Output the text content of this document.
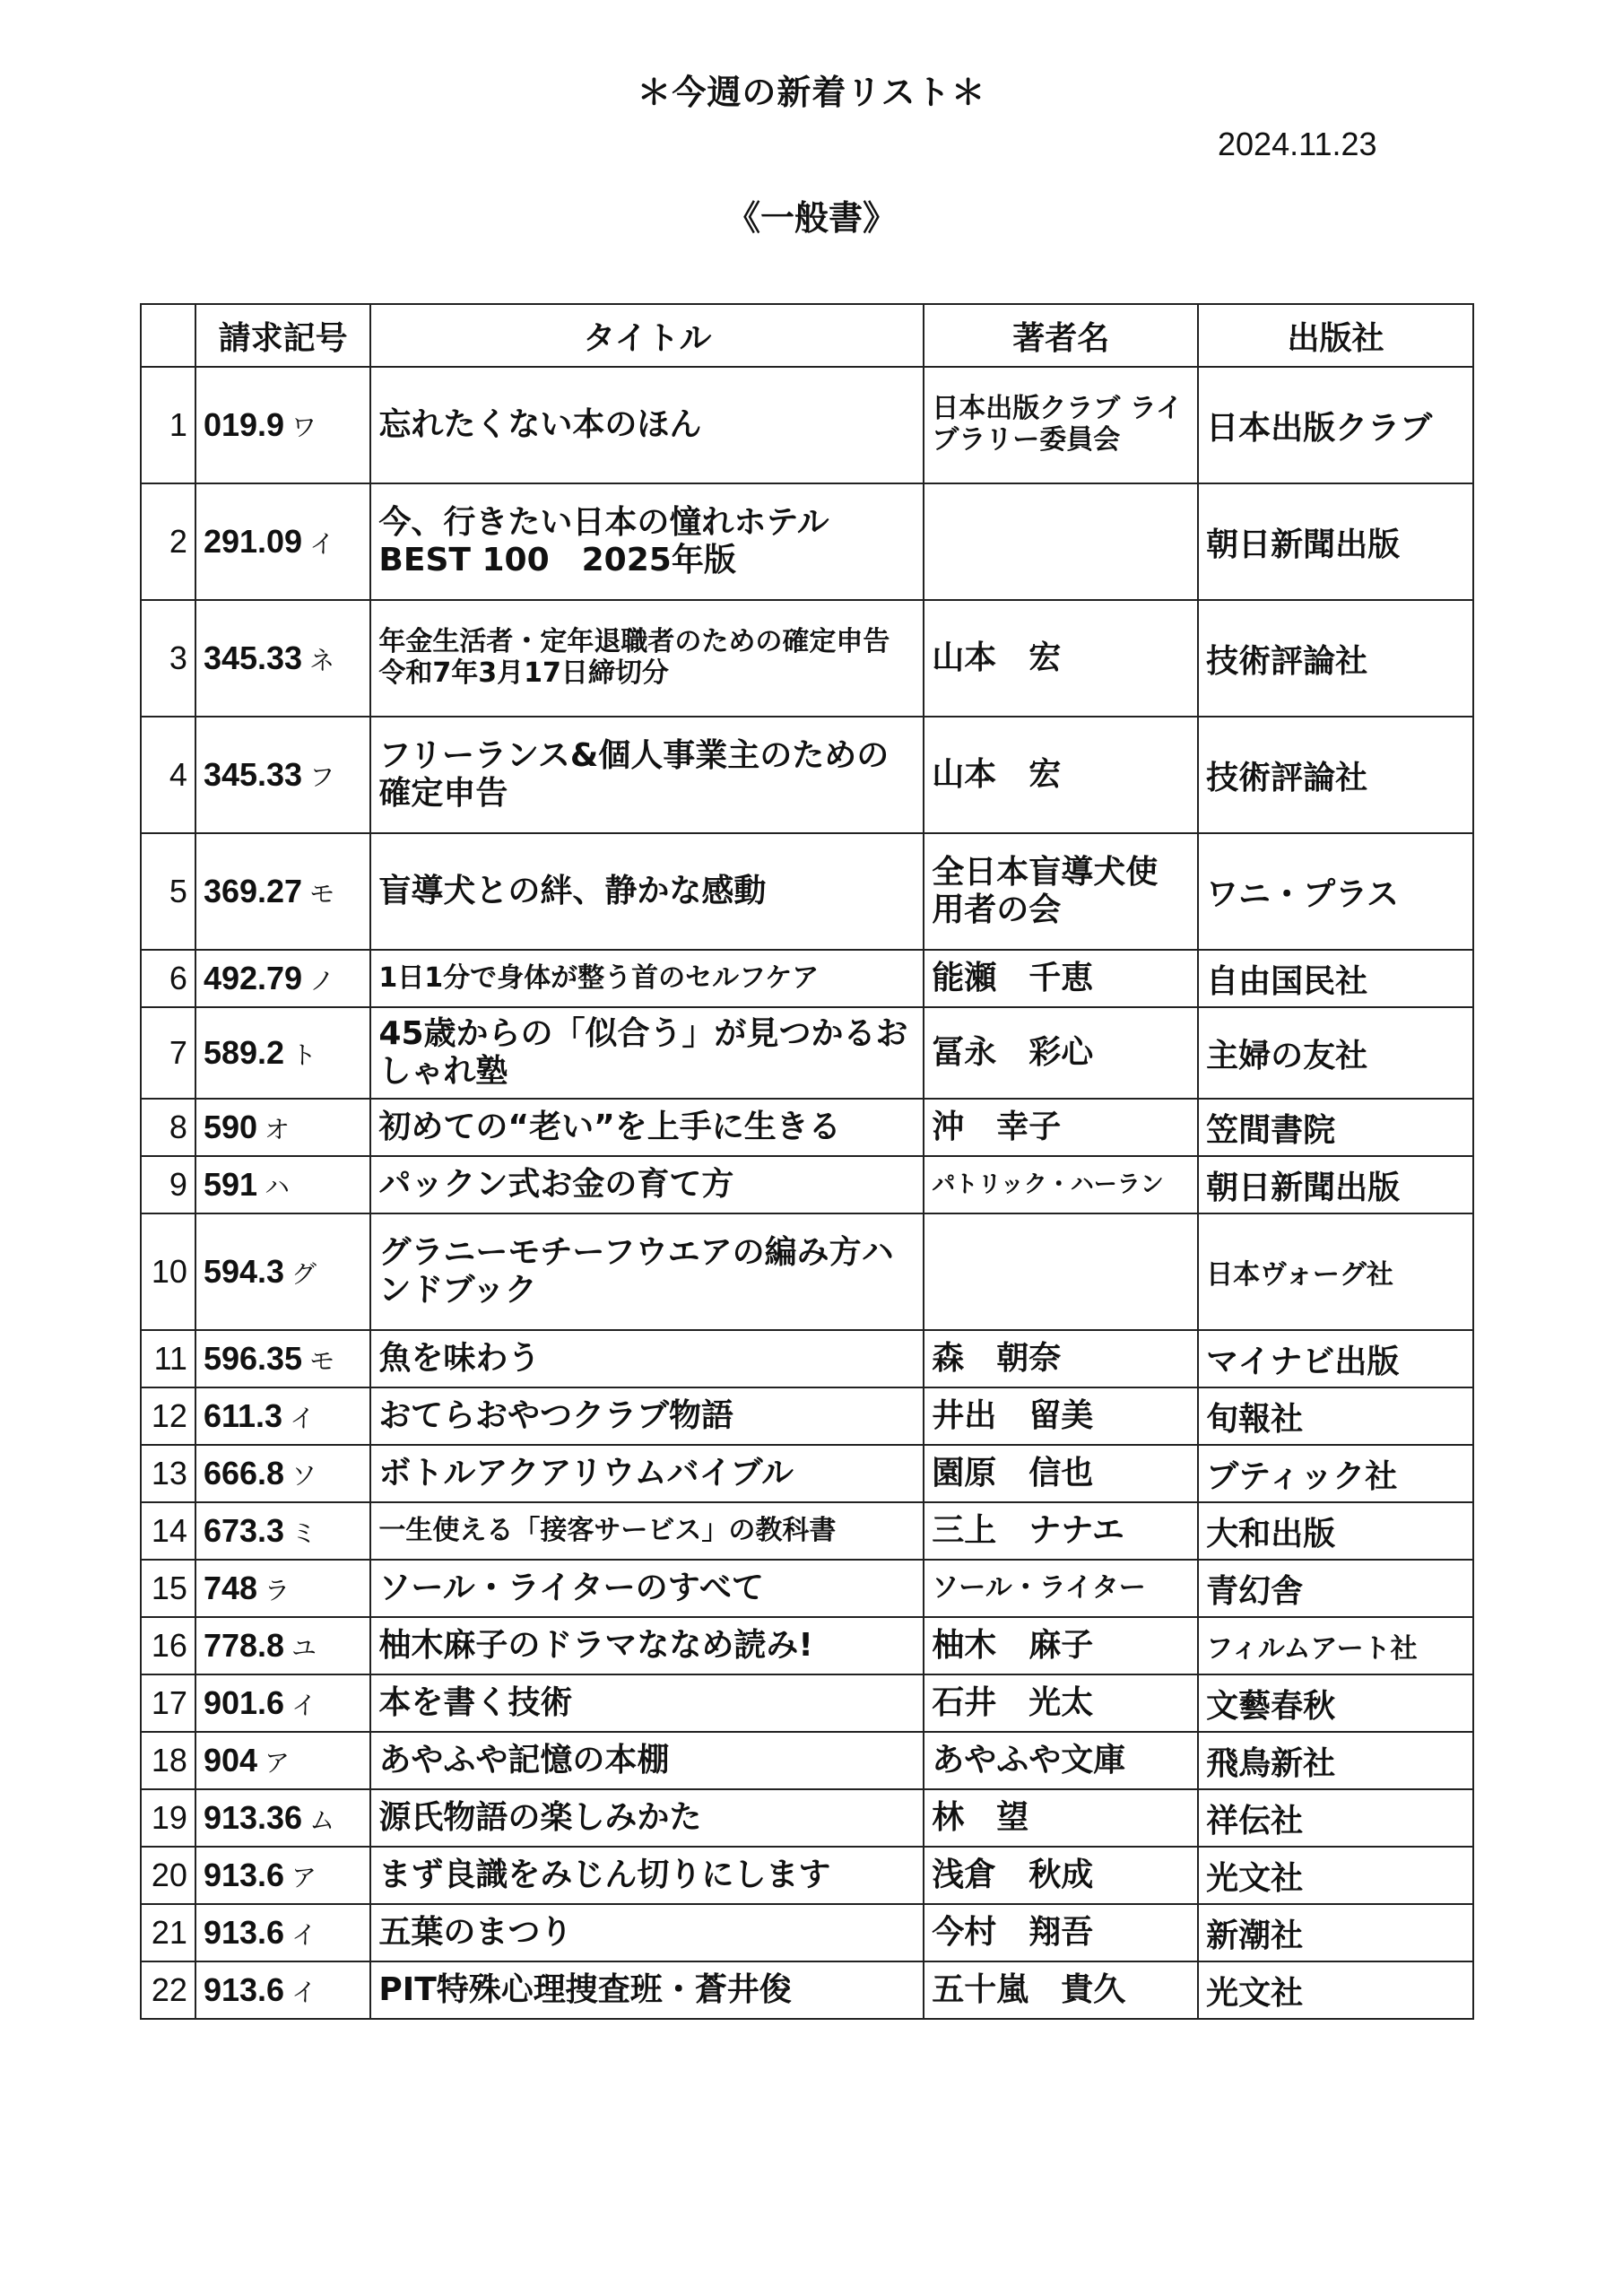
＊今週の新着リスト＊
2024.11.23
《一般書》
	請求記号	タイトル	著者名	出版社
1	019.9 ワ	忘れたくない本のほん	日本出版クラブ ライブラリー委員会	日本出版クラブ
2	291.09 イ	今、行きたい日本の憧れホテル BEST 100　2025年版		朝日新聞出版
3	345.33 ネ	年金生活者・定年退職者のための確定申告　令和7年3月17日締切分	山本　宏	技術評論社
4	345.33 フ	フリーランス&個人事業主のための確定申告	山本　宏	技術評論社
5	369.27 モ	盲導犬との絆、静かな感動	全日本盲導犬使用者の会	ワニ・プラス
6	492.79 ノ	1日1分で身体が整う首のセルフケア	能瀬　千恵	自由国民社
7	589.2 ト	45歳からの「似合う」が見つかるおしゃれ塾	冨永　彩心	主婦の友社
8	590 オ	初めての“老い”を上手に生きる	沖　幸子	笠間書院
9	591 ハ	パックン式お金の育て方	パトリック・ハーラン	朝日新聞出版
10	594.3 グ	グラニーモチーフウエアの編み方ハンドブック		日本ヴォーグ社
11	596.35 モ	魚を味わう	森　朝奈	マイナビ出版
12	611.3 イ	おてらおやつクラブ物語	井出　留美	旬報社
13	666.8 ソ	ボトルアクアリウムバイブル	園原　信也	ブティック社
14	673.3 ミ	一生使える「接客サービス」の教科書	三上　ナナエ	大和出版
15	748 ラ	ソール・ライターのすべて	ソール・ライター	青幻舎
16	778.8 ユ	柚木麻子のドラマななめ読み!	柚木　麻子	フィルムアート社
17	901.6 イ	本を書く技術	石井　光太	文藝春秋
18	904 ア	あやふや記憶の本棚	あやふや文庫	飛鳥新社
19	913.36 ム	源氏物語の楽しみかた	林　望	祥伝社
20	913.6 ア	まず良識をみじん切りにします	浅倉　秋成	光文社
21	913.6 イ	五葉のまつり	今村　翔吾	新潮社
22	913.6 イ	PIT特殊心理捜査班・蒼井俊	五十嵐　貴久	光文社
